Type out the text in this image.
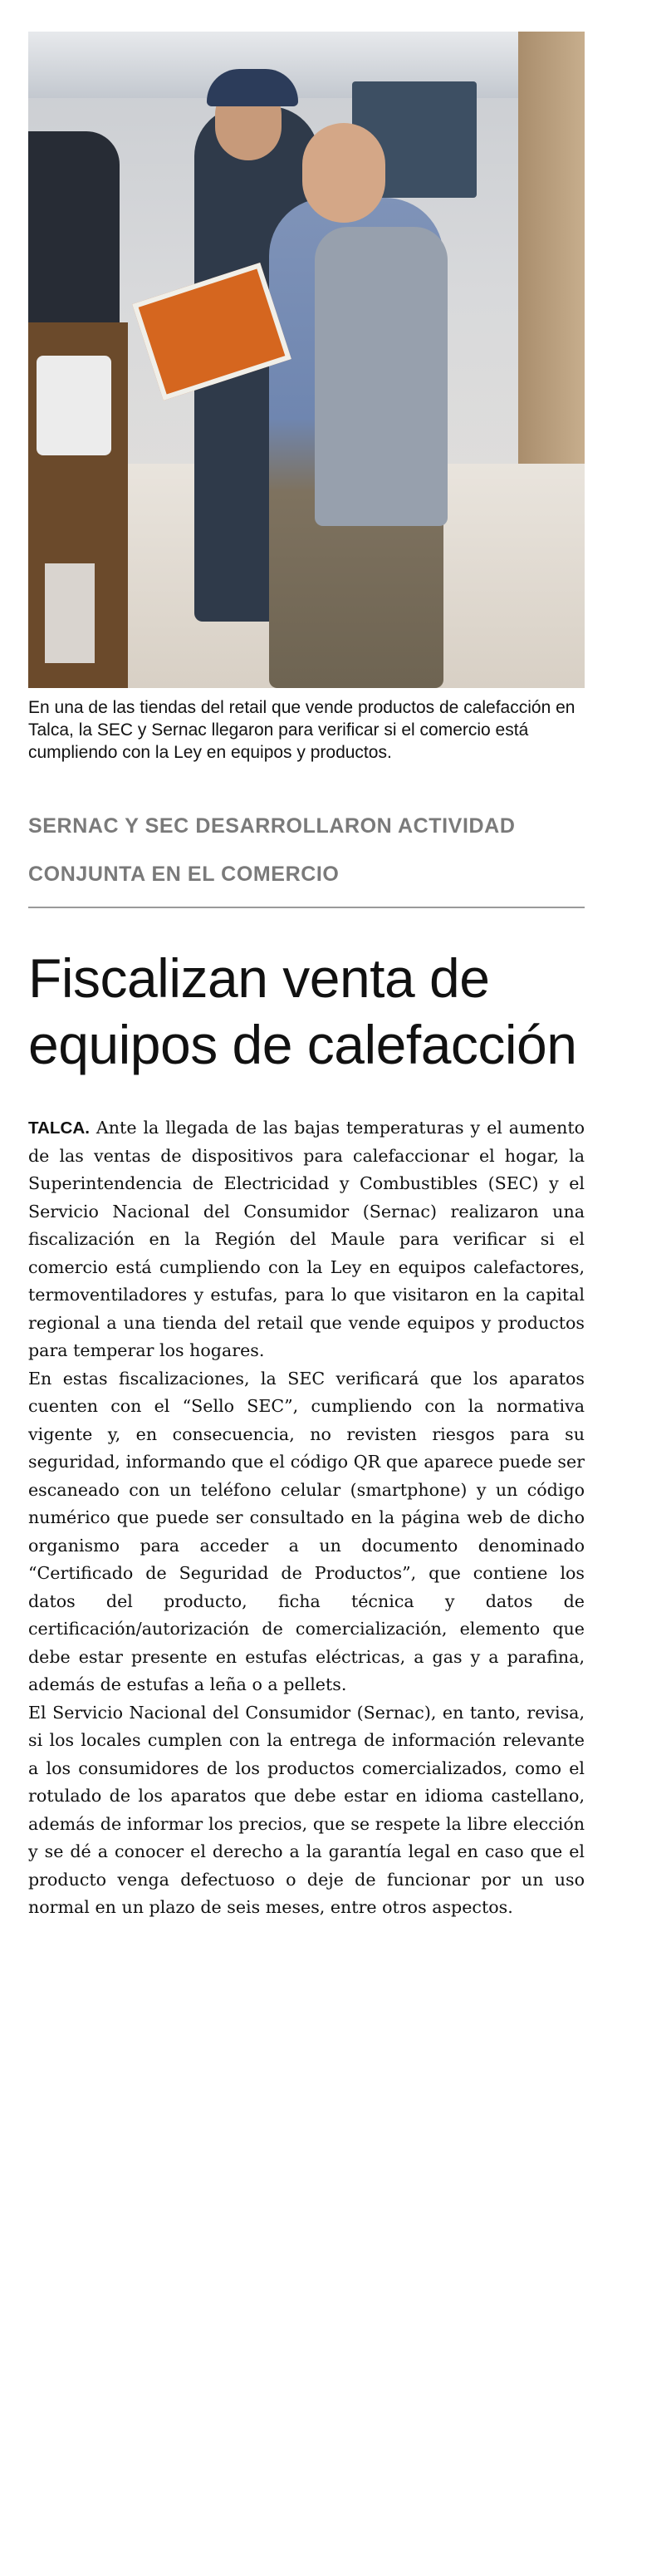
En una de las tiendas del retail que vende productos de calefacción en Talca, la SEC y Sernac llegaron para verificar si el comercio está cumpliendo con la Ley en equipos y productos.
SERNAC Y SEC DESARROLLARON ACTIVIDAD CONJUNTA EN EL COMERCIO
Fiscalizan venta de equipos de calefacción

TALCA. Ante la llegada de las bajas temperaturas y el aumento de las ventas de dispositivos para calefaccionar el hogar, la Superintendencia de Electricidad y Combustibles (SEC) y el Servicio Nacional del Consumidor (Sernac) realizaron una fiscalización en la Región del Maule para verificar si el comercio está cumpliendo con la Ley en equipos calefactores, termoventiladores y estufas, para lo que visitaron en la capital regional a una tienda del retail que vende equipos y productos para temperar los hogares.

En estas fiscalizaciones, la SEC verificará que los aparatos cuenten con el “Sello SEC”, cumpliendo con la normativa vigente y, en consecuencia, no revisten riesgos para su seguridad, informando que el código QR que aparece puede ser escaneado con un teléfono celular (smartphone) y un código numérico que puede ser consultado en la página web de dicho organismo para acceder a un documento denominado “Certificado de Seguridad de Productos”, que contiene los datos del producto, ficha técnica y datos de certificación/autorización de comercialización, elemento que debe estar presente en estufas eléctricas, a gas y a parafina, además de estufas a leña o a pellets.

El Servicio Nacional del Consumidor (Sernac), en tanto, revisa, si los locales cumplen con la entrega de información relevante a los consumidores de los productos comercializados, como el rotulado de los aparatos que debe estar en idioma castellano, además de informar los precios, que se respete la libre elección y se dé a conocer el derecho a la garantía legal en caso que el producto venga defectuoso o deje de funcionar por un uso normal en un plazo de seis meses, entre otros aspectos.
